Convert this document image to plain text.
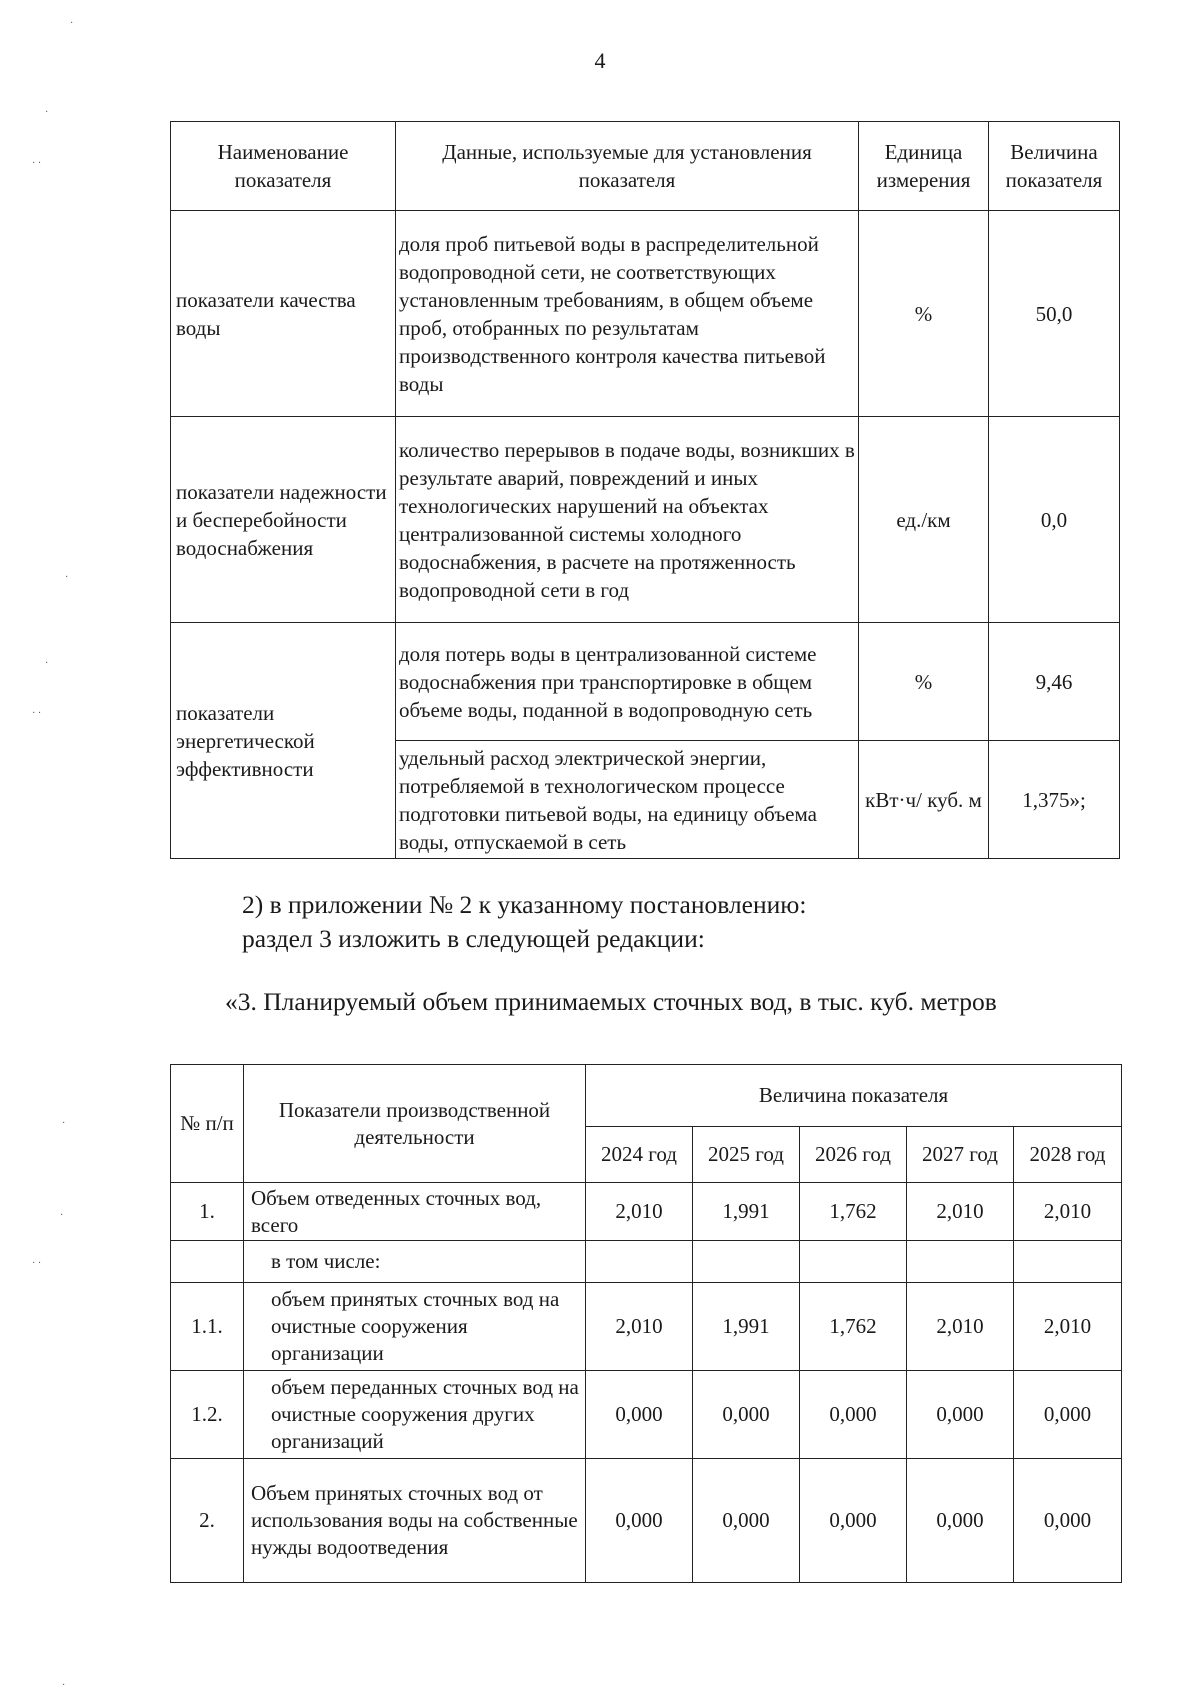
4
Наименование показателя	Данные, используемые для установления показателя	Единица измерения	Величина показателя
показатели качества воды	доля проб питьевой воды в распределительной водопроводной сети, не соответствующих установленным требованиям, в общем объеме проб, отобранных по результатам производственного контроля качества питьевой воды	%	50,0
показатели надежности и бесперебойности водоснабжения	количество перерывов в подаче воды, возникших в результате аварий, повреждений и иных технологических нарушений на объектах централизованной системы холодного водоснабжения, в расчете на протяженность водопроводной сети в год	ед./км	0,0
показатели энергетической эффективности	доля потерь воды в централизованной системе водоснабжения при транспортировке в общем объеме воды, поданной в водопроводную сеть	%	9,46
	удельный расход электрической энергии, потребляемой в технологическом процессе подготовки питьевой воды, на единицу объема воды, отпускаемой в сеть	кВт·ч/ куб. м	1,375»;
2) в приложении № 2 к указанному постановлению:
раздел 3 изложить в следующей редакции:
«3. Планируемый объем принимаемых сточных вод, в тыс. куб. метров
№ п/п	Показатели производственной деятельности	Величина показателя				
		2024 год	2025 год	2026 год	2027 год	2028 год
1.	Объем отведенных сточных вод, всего	2,010	1,991	1,762	2,010	2,010
	в том числе:					
1.1.	объем принятых сточных вод на очистные сооружения организации	2,010	1,991	1,762	2,010	2,010
1.2.	объем переданных сточных вод на очистные сооружения других организаций	0,000	0,000	0,000	0,000	0,000
2.	Объем принятых сточных вод от использования воды на собственные нужды водоотведения	0,000	0,000	0,000	0,000	0,000
·
·
· ·
·
·
· ·
·
·
· ·
·
